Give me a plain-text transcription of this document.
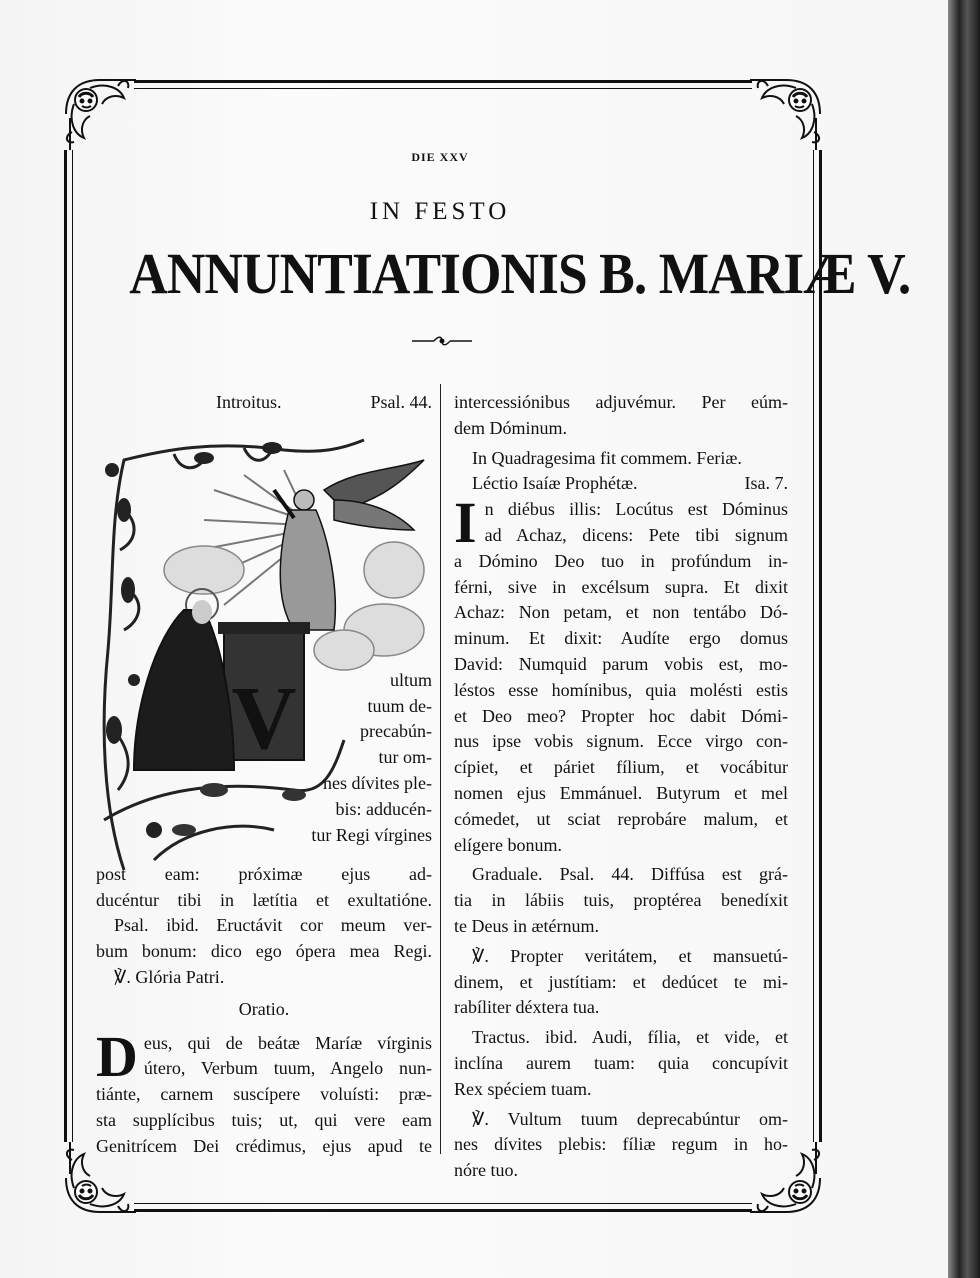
DIE XXV
IN FESTO
ANNUNTIATIONIS B. MARIÆ V.
Introitus.	Psal. 44.
V	ultum
tuum de-
precabún-
tur om-
nes dívites ple-
bis: adducén-
tur Regi vírgines
post eam: próximæ ejus ad-
ducéntur tibi in lætítia et exultatióne.
Psal. ibid. Eructávit cor meum ver-
bum bonum: dico ego ópera mea Regi.
℣. Glória Patri.
Oratio.
D eus, qui de beátæ Maríæ vírginis
útero, Verbum tuum, Angelo nun-
tiánte, carnem suscípere voluísti: præ-
sta supplícibus tuis; ut, qui vere eam
Genitrícem Dei crédimus, ejus apud te
intercessiónibus adjuvémur. Per eúm-
dem Dóminum.
In Quadragesima fit commem. Feriæ.
Léctio Isaíæ Prophétæ.	Isa. 7.
I n diébus illis: Locútus est Dóminus
ad Achaz, dicens: Pete tibi signum
a Dómino Deo tuo in profúndum in-
férni, sive in excélsum supra. Et dixit
Achaz: Non petam, et non tentábo Dó-
minum. Et dixit: Audíte ergo domus
David: Numquid parum vobis est, mo-
léstos esse homínibus, quia molésti estis
et Deo meo? Propter hoc dabit Dómi-
nus ipse vobis signum. Ecce virgo con-
cípiet, et páriet fílium, et vocábitur
nomen ejus Emmánuel. Butyrum et mel
cómedet, ut sciat reprobáre malum, et
elígere bonum.
Graduale. Psal. 44. Diffúsa est grá-
tia in lábiis tuis, proptérea benedíxit
te Deus in ætérnum.
℣. Propter veritátem, et mansuetú-
dinem, et justítiam: et dedúcet te mi-
rabíliter déxtera tua.
Tractus. ibid. Audi, fília, et vide, et
inclína aurem tuam: quia concupívit
Rex spéciem tuam.
℣. Vultum tuum deprecabúntur om-
nes dívites plebis: fíliæ regum in ho-
nóre tuo.
